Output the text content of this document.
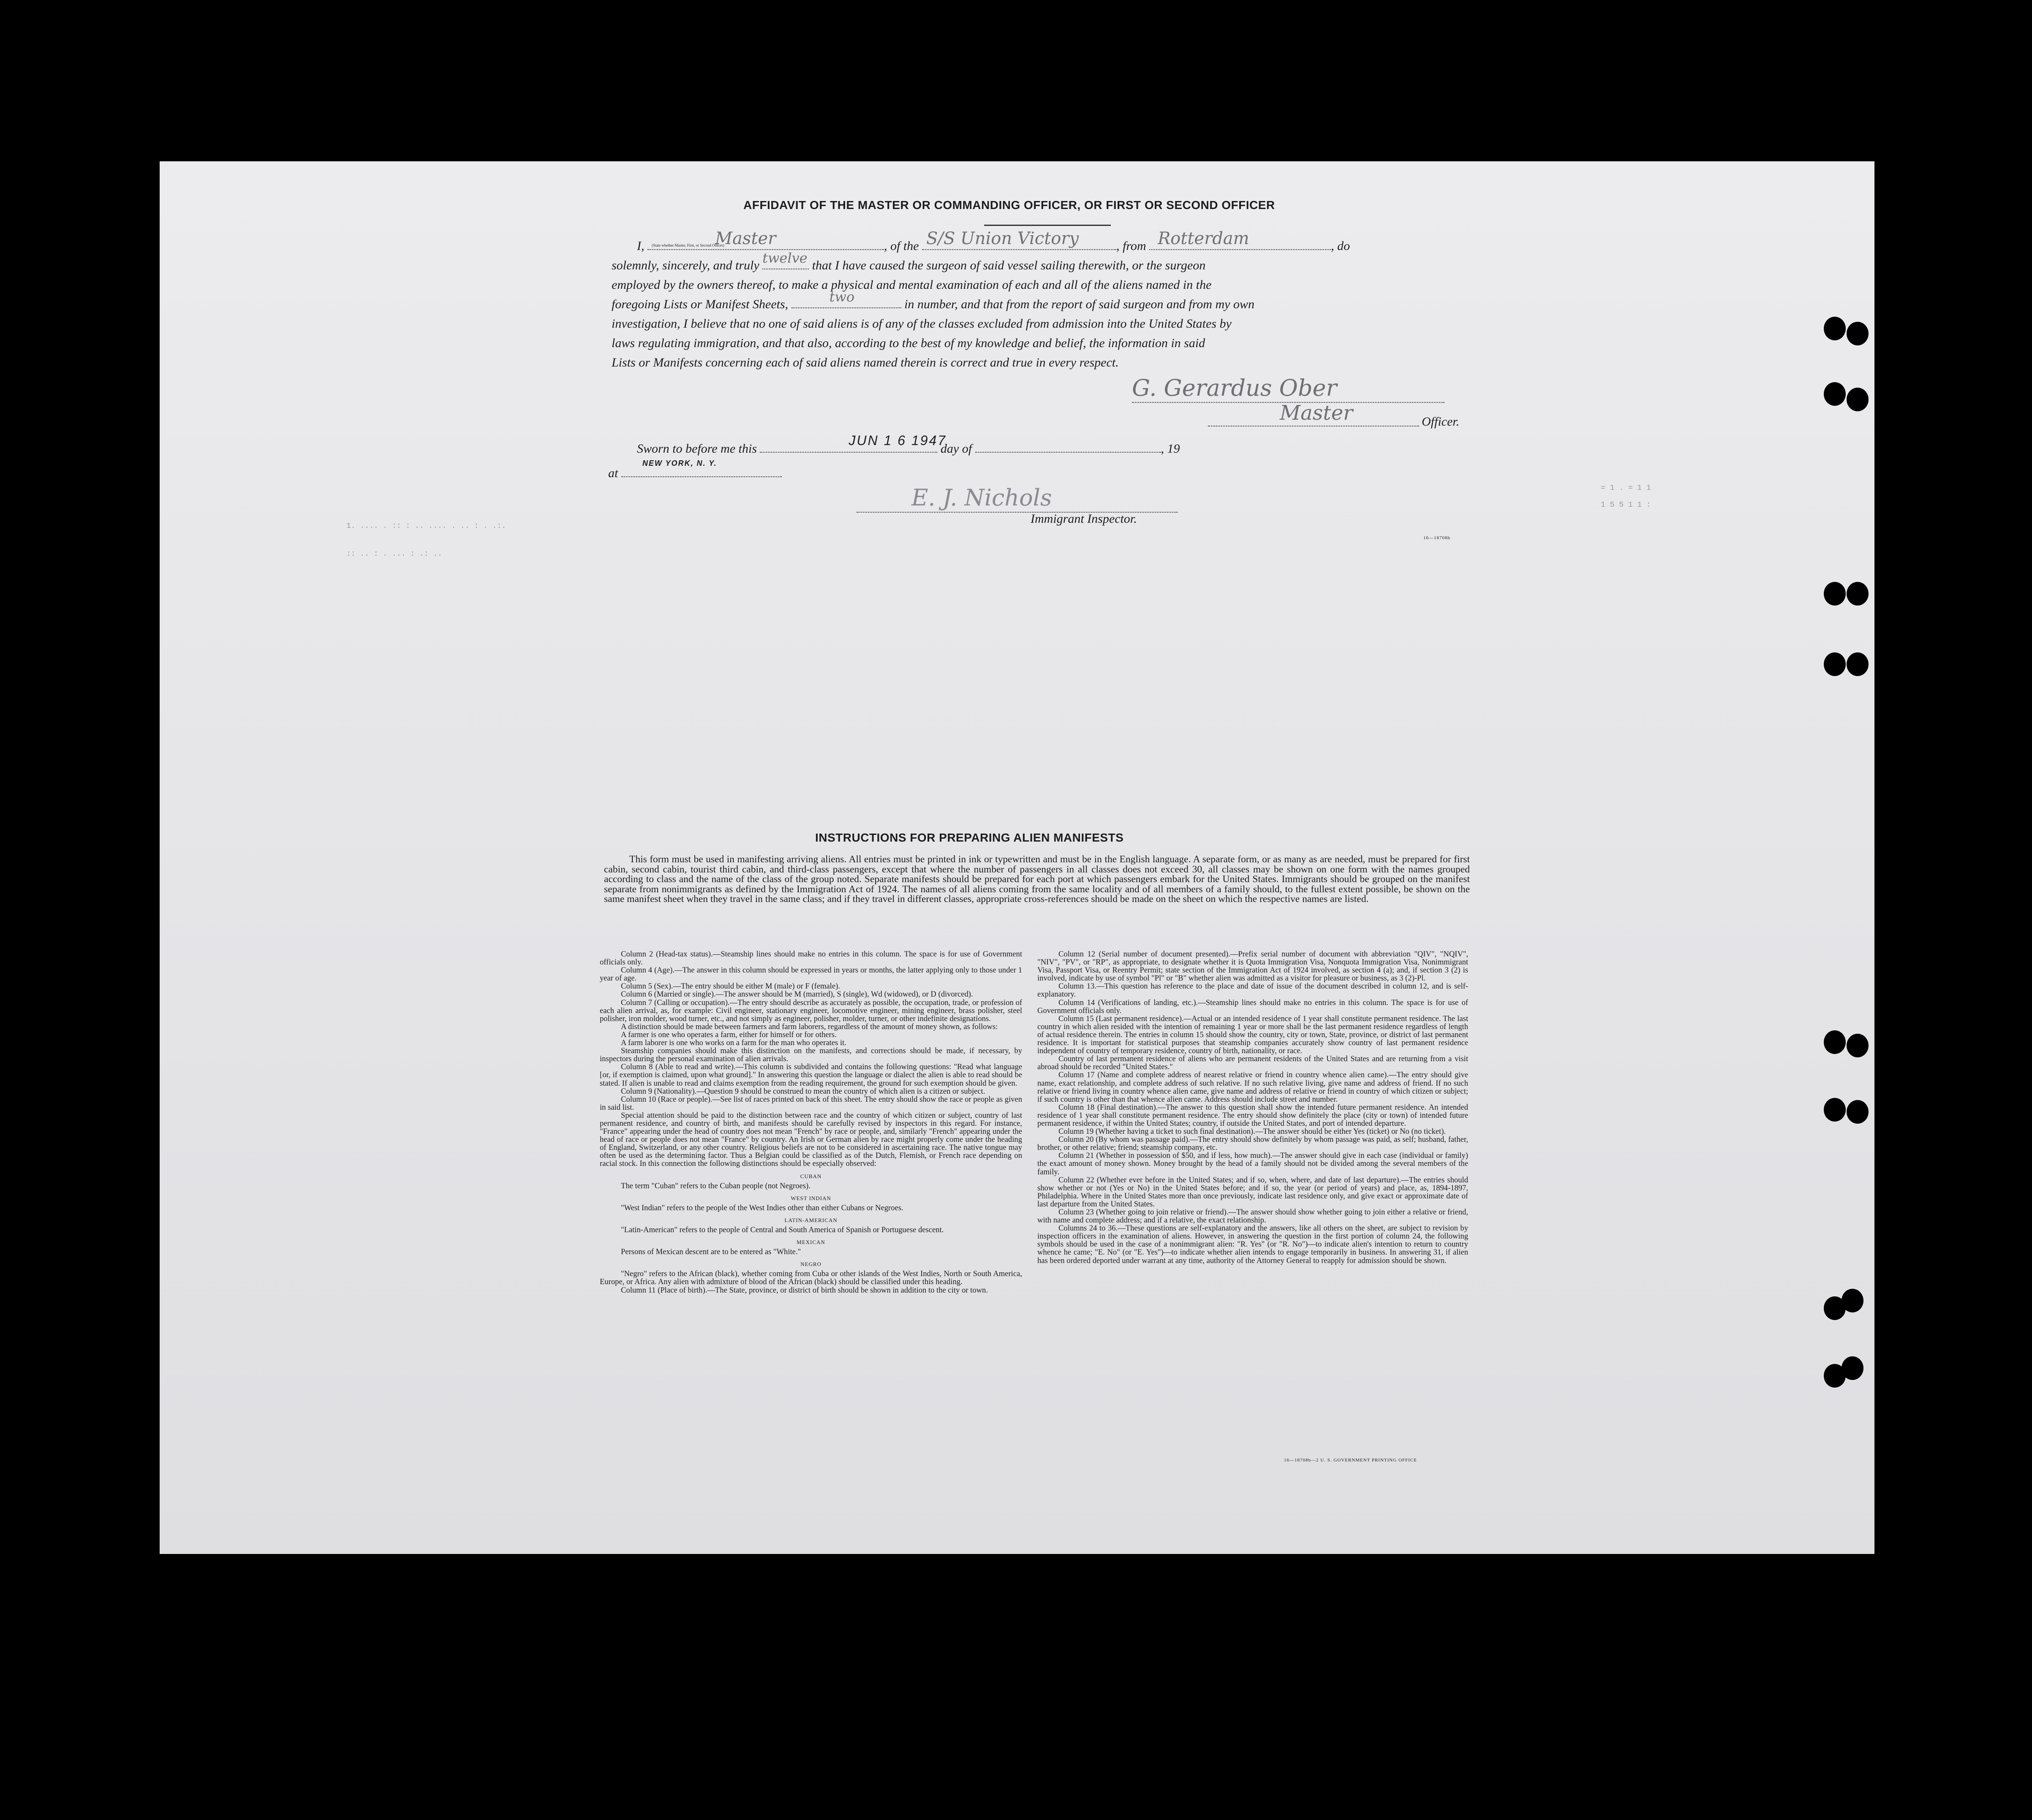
AFFIDAVIT OF THE MASTER OR COMMANDING OFFICER, OR FIRST OR SECOND OFFICER
I,	Master
(State whether Master, First, or Second Officer)	, of the S/S Union Victory	, from Rotterdam	, do
solemnly, sincerely, and truly twelve that I have caused the surgeon of said vessel sailing therewith, or the surgeon
employed by the owners thereof, to make a physical and mental examination of each and all of the aliens named in the
foregoing Lists or Manifest Sheets,	two	in number, and that from the report of said surgeon and from my own
investigation, I believe that no one of said aliens is of any of the classes excluded from admission into the United States by
laws regulating immigration, and that also, according to the best of my knowledge and belief, the information in said
Lists or Manifests concerning each of said aliens named therein is correct and true in every respect.
G. Gerardus Ober
Master	Officer.
Sworn to before me this
JUN 1 6 1947
day of	, 19
at
NEW YORK, N. Y.
E. J. Nichols
Immigrant Inspector.
16—18708b
1. .... . :: : .. .... . .. : . .:.
:: .. : . ... : .: ..
= 1 . = 1 1
1 5 5 1 1 :
INSTRUCTIONS FOR PREPARING ALIEN MANIFESTS
This form must be used in manifesting arriving aliens. All entries must be printed in ink or typewritten and must be in the English language. A separate form, or as many as are needed, must be prepared for first cabin, second cabin, tourist third cabin, and third-class passengers, except that where the number of passengers in all classes does not exceed 30, all classes may be shown on one form with the names grouped according to class and the name of the class of the group noted. Separate manifests should be prepared for each port at which passengers embark for the United States. Immigrants should be grouped on the manifest separate from nonimmigrants as defined by the Immigration Act of 1924. The names of all aliens coming from the same locality and of all members of a family should, to the fullest extent possible, be shown on the same manifest sheet when they travel in the same class; and if they travel in different classes, appropriate cross-references should be made on the sheet on which the respective names are listed.

Column 2 (Head-tax status).—Steamship lines should make no entries in this column. The space is for use of Government officials only.

Column 4 (Age).—The answer in this column should be expressed in years or months, the latter applying only to those under 1 year of age.

Column 5 (Sex).—The entry should be either M (male) or F (female).

Column 6 (Married or single).—The answer should be M (married), S (single), Wd (widowed), or D (divorced).

Column 7 (Calling or occupation).—The entry should describe as accurately as possible, the occupation, trade, or profession of each alien arrival, as, for example: Civil engineer, stationary engineer, locomotive engineer, mining engineer, brass polisher, steel polisher, iron molder, wood turner, etc., and not simply as engineer, polisher, molder, turner, or other indefinite designations.

A distinction should be made between farmers and farm laborers, regardless of the amount of money shown, as follows:

A farmer is one who operates a farm, either for himself or for others.

A farm laborer is one who works on a farm for the man who operates it.

Steamship companies should make this distinction on the manifests, and corrections should be made, if necessary, by inspectors during the personal examination of alien arrivals.

Column 8 (Able to read and write).—This column is subdivided and contains the following questions: "Read what language [or, if exemption is claimed, upon what ground]." In answering this question the language or dialect the alien is able to read should be stated. If alien is unable to read and claims exemption from the reading requirement, the ground for such exemption should be given.

Column 9 (Nationality).—Question 9 should be construed to mean the country of which alien is a citizen or subject.

Column 10 (Race or people).—See list of races printed on back of this sheet. The entry should show the race or people as given in said list.

Special attention should be paid to the distinction between race and the country of which citizen or subject, country of last permanent residence, and country of birth, and manifests should be carefully revised by inspectors in this regard. For instance, "France" appearing under the head of country does not mean "French" by race or people, and, similarly "French" appearing under the head of race or people does not mean "France" by country. An Irish or German alien by race might properly come under the heading of England, Switzerland, or any other country. Religious beliefs are not to be considered in ascertaining race. The native tongue may often be used as the determining factor. Thus a Belgian could be classified as of the Dutch, Flemish, or French race depending on racial stock. In this connection the following distinctions should be especially observed:

CUBAN

The term "Cuban" refers to the Cuban people (not Negroes).

WEST INDIAN

"West Indian" refers to the people of the West Indies other than either Cubans or Negroes.

LATIN-AMERICAN

"Latin-American" refers to the people of Central and South America of Spanish or Portuguese descent.

MEXICAN

Persons of Mexican descent are to be entered as "White."

NEGRO

"Negro" refers to the African (black), whether coming from Cuba or other islands of the West Indies, North or South America, Europe, or Africa. Any alien with admixture of blood of the African (black) should be classified under this heading.

Column 11 (Place of birth).—The State, province, or district of birth should be shown in addition to the city or town.

Column 12 (Serial number of document presented).—Prefix serial number of document with abbreviation "QIV", "NQIV", "NIV", "PV", or "RP", as appropriate, to designate whether it is Quota Immigration Visa, Nonquota Immigration Visa, Nonimmigrant Visa, Passport Visa, or Reentry Permit; state section of the Immigration Act of 1924 involved, as section 4 (a); and, if section 3 (2) is involved, indicate by use of symbol "Pl" or "B" whether alien was admitted as a visitor for pleasure or business, as 3 (2)-Pl.

Column 13.—This question has reference to the place and date of issue of the document described in column 12, and is self-explanatory.

Column 14 (Verifications of landing, etc.).—Steamship lines should make no entries in this column. The space is for use of Government officials only.

Column 15 (Last permanent residence).—Actual or an intended residence of 1 year shall constitute permanent residence. The last country in which alien resided with the intention of remaining 1 year or more shall be the last permanent residence regardless of length of actual residence therein. The entries in column 15 should show the country, city or town, State, province, or district of last permanent residence. It is important for statistical purposes that steamship companies accurately show country of last permanent residence independent of country of temporary residence, country of birth, nationality, or race.

Country of last permanent residence of aliens who are permanent residents of the United States and are returning from a visit abroad should be recorded "United States."

Column 17 (Name and complete address of nearest relative or friend in country whence alien came).—The entry should give name, exact relationship, and complete address of such relative. If no such relative living, give name and address of friend. If no such relative or friend living in country whence alien came, give name and address of relative or friend in country of which citizen or subject; if such country is other than that whence alien came. Address should include street and number.

Column 18 (Final destination).—The answer to this question shall show the intended future permanent residence. An intended residence of 1 year shall constitute permanent residence. The entry should show definitely the place (city or town) of intended future permanent residence, if within the United States; country, if outside the United States, and port of intended departure.

Column 19 (Whether having a ticket to such final destination).—The answer should be either Yes (ticket) or No (no ticket).

Column 20 (By whom was passage paid).—The entry should show definitely by whom passage was paid, as self; husband, father, brother, or other relative; friend; steamship company, etc.

Column 21 (Whether in possession of $50, and if less, how much).—The answer should give in each case (individual or family) the exact amount of money shown. Money brought by the head of a family should not be divided among the several members of the family.

Column 22 (Whether ever before in the United States; and if so, when, where, and date of last departure).—The entries should show whether or not (Yes or No) in the United States before; and if so, the year (or period of years) and place, as, 1894-1897, Philadelphia. Where in the United States more than once previously, indicate last residence only, and give exact or approximate date of last departure from the United States.

Column 23 (Whether going to join relative or friend).—The answer should show whether going to join either a relative or friend, with name and complete address; and if a relative, the exact relationship.

Columns 24 to 36.—These questions are self-explanatory and the answers, like all others on the sheet, are subject to revision by inspection officers in the examination of aliens. However, in answering the question in the first portion of column 24, the following symbols should be used in the case of a nonimmigrant alien: "R. Yes" (or "R. No")—to indicate alien's intention to return to country whence he came; "E. No" (or "E. Yes")—to indicate whether alien intends to engage temporarily in business. In answering 31, if alien has been ordered deported under warrant at any time, authority of the Attorney General to reapply for admission should be shown.

16—18708b—2 U. S. GOVERNMENT PRINTING OFFICE
